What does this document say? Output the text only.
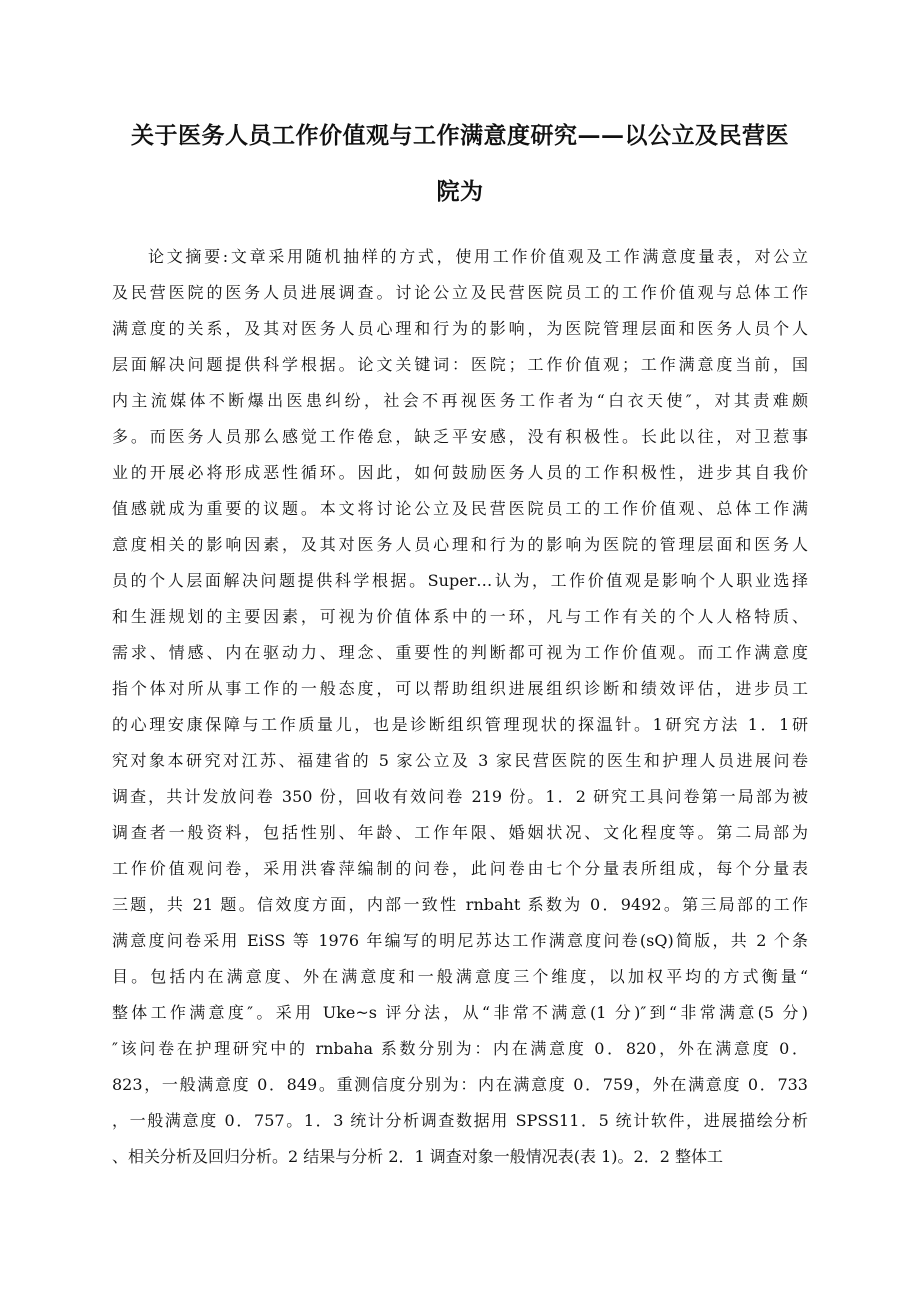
关于医务人员工作价值观与工作满意度研究——以公立及民营医
院为
论文摘要:文章采用随机抽样的方式，使用工作价值观及工作满意度量表，对公立
及民营医院的医务人员进展调查。讨论公立及民营医院员工的工作价值观与总体工作
满意度的关系，及其对医务人员心理和行为的影响，为医院管理层面和医务人员个人
层面解决问题提供科学根据。论文关键词：医院；工作价值观；工作满意度当前，国
内主流媒体不断爆出医患纠纷，社会不再视医务工作者为“白衣天使″，对其责难颇
多。而医务人员那么感觉工作倦怠，缺乏平安感，没有积极性。长此以往，对卫惹事
业的开展必将形成恶性循环。因此，如何鼓励医务人员的工作积极性，进步其自我价
值感就成为重要的议题。本文将讨论公立及民营医院员工的工作价值观、总体工作满
意度相关的影响因素，及其对医务人员心理和行为的影响为医院的管理层面和医务人
员的个人层面解决问题提供科学根据。Super…认为，工作价值观是影响个人职业选择
和生涯规划的主要因素，可视为价值体系中的一环，凡与工作有关的个人人格特质、
需求、情感、内在驱动力、理念、重要性的判断都可视为工作价值观。而工作满意度
指个体对所从事工作的一般态度，可以帮助组织进展组织诊断和绩效评估，进步员工
的心理安康保障与工作质量儿，也是诊断组织管理现状的探温针。1研究方法 1．1研
究对象本研究对江苏、福建省的 5 家公立及 3 家民营医院的医生和护理人员进展问卷
调查，共计发放问卷 350 份，回收有效问卷 219 份。1．2 研究工具问卷第一局部为被
调查者一般资料，包括性别、年龄、工作年限、婚姻状况、文化程度等。第二局部为
工作价值观问卷，采用洪睿萍编制的问卷，此问卷由七个分量表所组成，每个分量表
三题，共 21 题。信效度方面，内部一致性 rnbaht 系数为 0．9492。第三局部的工作
满意度问卷采用 EiSS 等 1976 年编写的明尼苏达工作满意度问卷(sQ)简版，共 2 个条
目。包括内在满意度、外在满意度和一般满意度三个维度，以加权平均的方式衡量“
整体工作满意度″。采用 Uke~s 评分法，从“非常不满意(1 分)″到“非常满意(5 分)
″该问卷在护理研究中的 rnbaha 系数分别为：内在满意度 0．820，外在满意度 0．
823，一般满意度 0．849。重测信度分别为：内在满意度 0．759，外在满意度 0．733
，一般满意度 0．757。1．3 统计分析调查数据用 SPSS11．5 统计软件，进展描绘分析
、相关分析及回归分析。2 结果与分析 2．1 调查对象一般情况表(表 1)。2．2 整体工
